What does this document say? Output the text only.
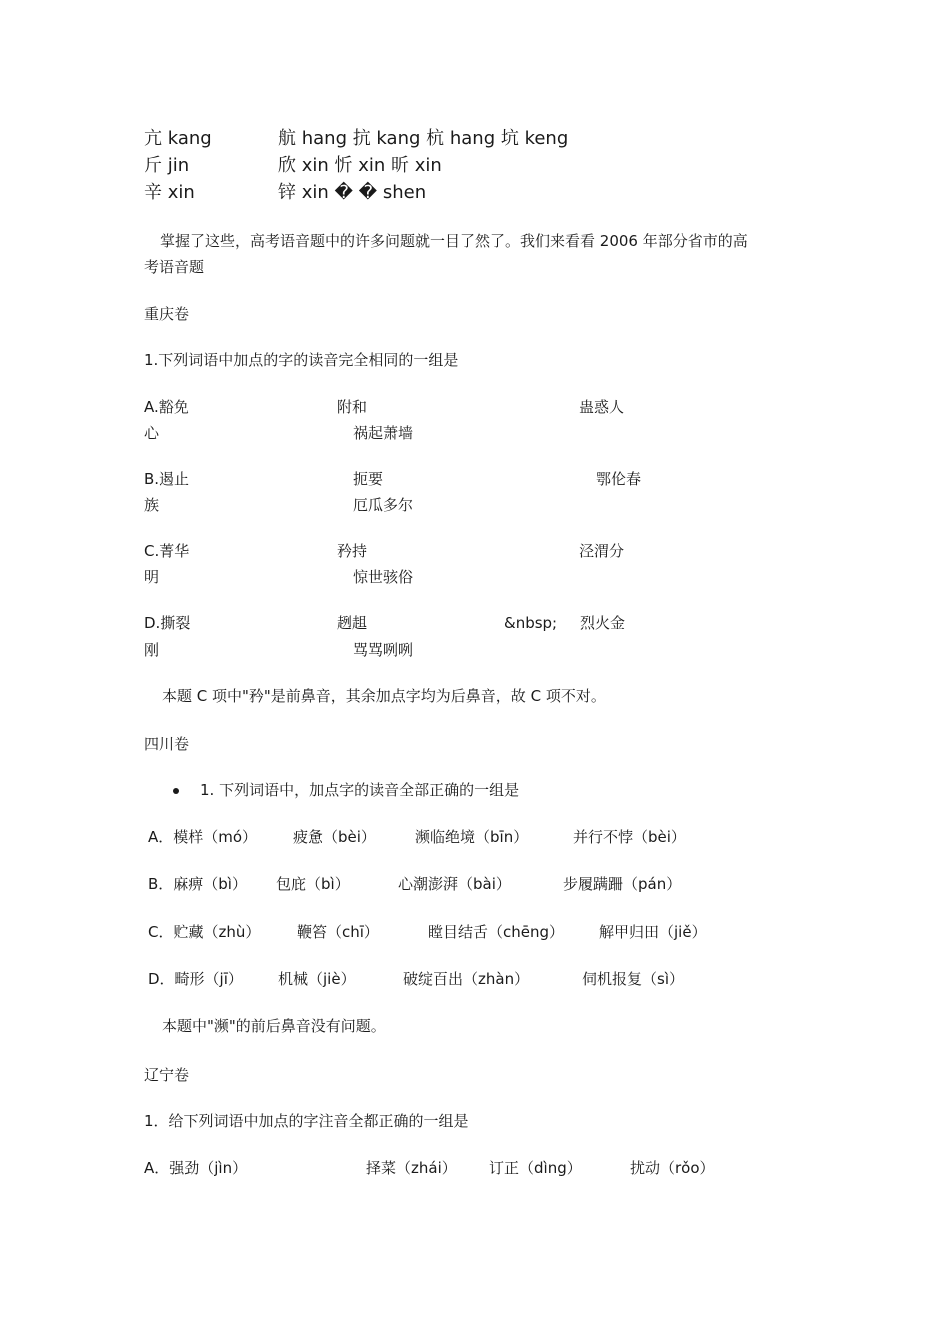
亢 kang	航 hang 抗 kang 杭 hang 坑 keng
斤 jin	欣 xin 忻 xin 昕 xin
辛 xin	锌 xin � � shen
掌握了这些，高考语音题中的许多问题就一目了然了。我们来看看 2006 年部分省市的高
考语音题
重庆卷
1.下列词语中加点的字的读音完全相同的一组是
A.豁免	附和	蛊惑人
心	祸起萧墙
B.遏止	扼要	鄂伦春
族	厄瓜多尔
C.菁华	矜持	泾渭分
明	惊世骇俗
D.撕裂	趔趄	&nbsp; 烈火金
刚	骂骂咧咧
本题 C 项中"矜"是前鼻音，其余加点字均为后鼻音，故 C 项不对。
四川卷
1. 下列词语中，加点字的读音全部正确的一组是
A．模样（mó） 疲惫（bèi）	濒临绝境（bīn）	并行不悖（bèi）
B．麻痹（bì） 包庇（bì）	心潮澎湃（bài）	步履蹒跚（pán）
C．贮藏（zhù） 鞭笞（chī）	瞠目结舌（chēng） 解甲归田（jiě）
D．畸形（jī） 机械（jiè）	破绽百出（zhàn）	伺机报复（sì）
本题中"濒"的前后鼻音没有问题。
辽宁卷
1．给下列词语中加点的字注音全都正确的一组是
A．强劲（jìn）	择菜（zhái） 订正（dìng）	扰动（rǒo）
